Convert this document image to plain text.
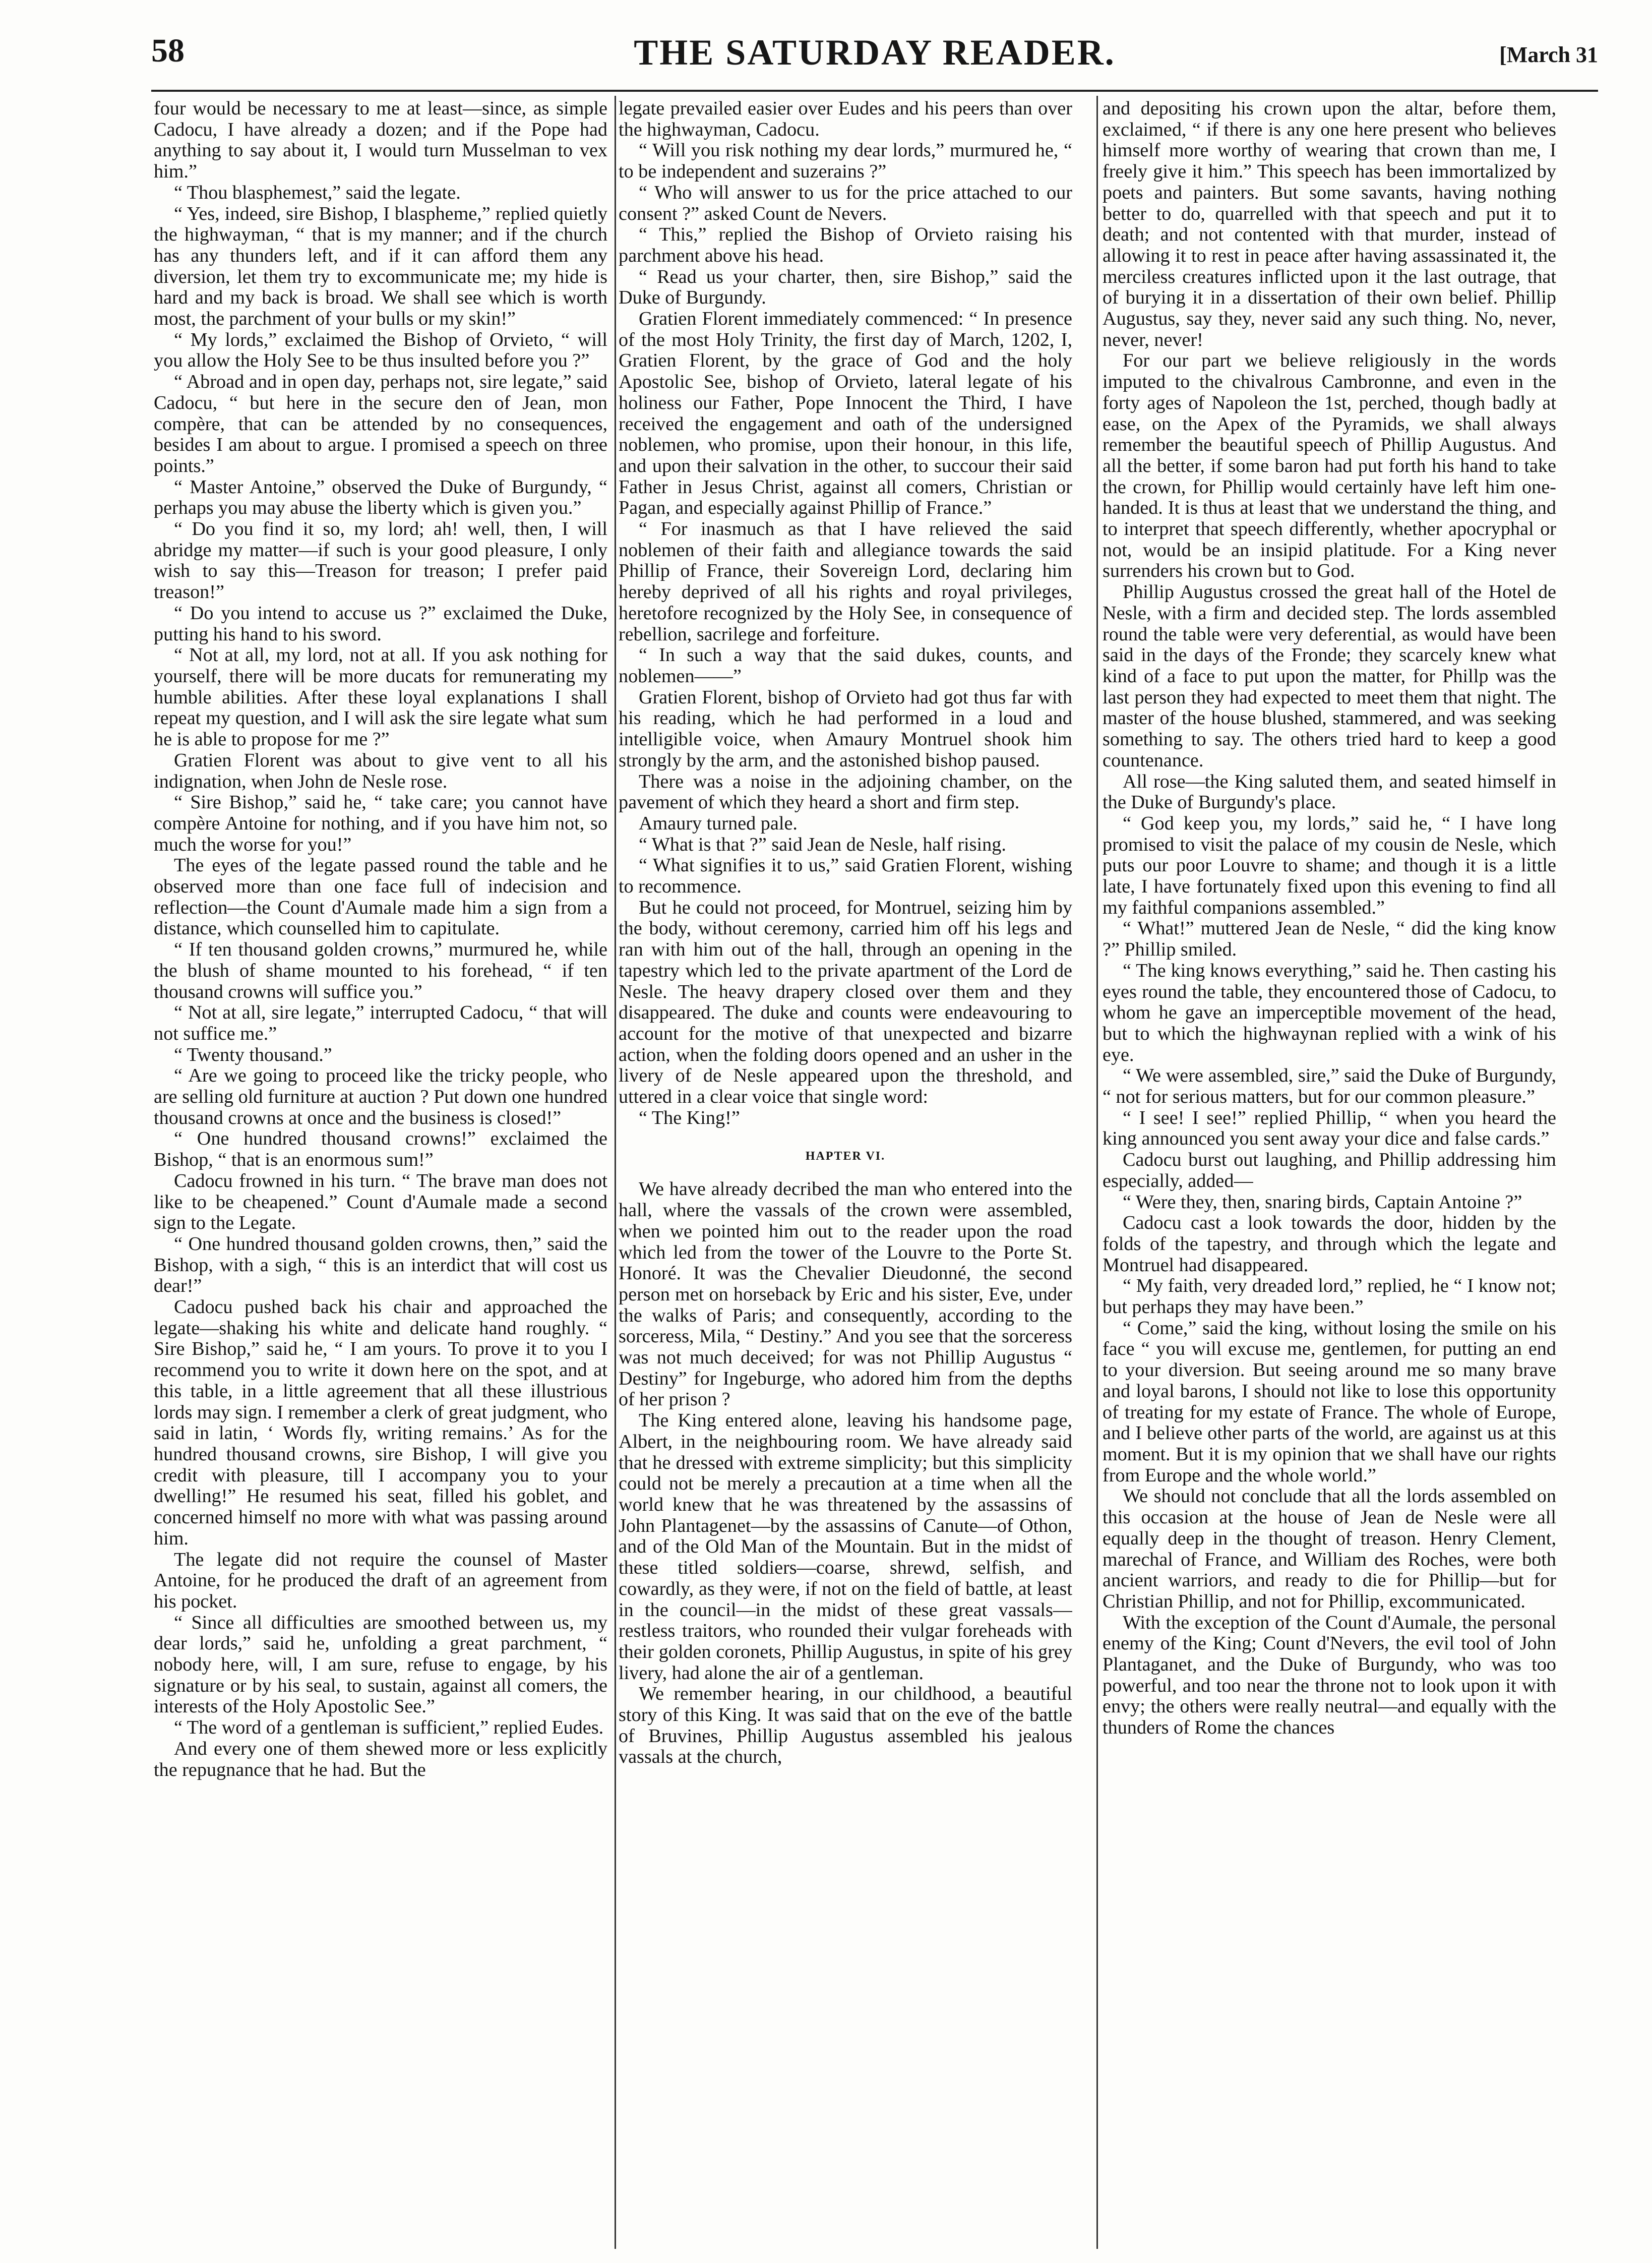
58	THE SATURDAY READER.	[March 31

four would be necessary to me at least—since, as simple Cadocu, I have already a dozen; and if the Pope had anything to say about it, I would turn Musselman to vex him.”

“ Thou blasphemest,” said the legate.

“ Yes, indeed, sire Bishop, I blaspheme,” replied quietly the highwayman, “ that is my manner; and if the church has any thunders left, and if it can afford them any diversion, let them try to excommunicate me; my hide is hard and my back is broad. We shall see which is worth most, the parchment of your bulls or my skin!”

“ My lords,” exclaimed the Bishop of Orvieto, “ will you allow the Holy See to be thus insulted before you ?”

“ Abroad and in open day, perhaps not, sire legate,” said Cadocu, “ but here in the secure den of Jean, mon compère, that can be attended by no consequences, besides I am about to argue. I promised a speech on three points.”

“ Master Antoine,” observed the Duke of Burgundy, “ perhaps you may abuse the liberty which is given you.”

“ Do you find it so, my lord; ah! well, then, I will abridge my matter—if such is your good pleasure, I only wish to say this—Treason for treason; I prefer paid treason!”

“ Do you intend to accuse us ?” exclaimed the Duke, putting his hand to his sword.

“ Not at all, my lord, not at all. If you ask nothing for yourself, there will be more ducats for remunerating my humble abilities. After these loyal explanations I shall repeat my question, and I will ask the sire legate what sum he is able to propose for me ?”

Gratien Florent was about to give vent to all his indignation, when John de Nesle rose.

“ Sire Bishop,” said he, “ take care; you cannot have compère Antoine for nothing, and if you have him not, so much the worse for you!”

The eyes of the legate passed round the table and he observed more than one face full of indecision and reflection—the Count d'Aumale made him a sign from a distance, which counselled him to capitulate.

“ If ten thousand golden crowns,” murmured he, while the blush of shame mounted to his forehead, “ if ten thousand crowns will suffice you.”

“ Not at all, sire legate,” interrupted Cadocu, “ that will not suffice me.”

“ Twenty thousand.”

“ Are we going to proceed like the tricky people, who are selling old furniture at auction ? Put down one hundred thousand crowns at once and the business is closed!”

“ One hundred thousand crowns!” exclaimed the Bishop, “ that is an enormous sum!”

Cadocu frowned in his turn. “ The brave man does not like to be cheapened.” Count d'Aumale made a second sign to the Legate.

“ One hundred thousand golden crowns, then,” said the Bishop, with a sigh, “ this is an interdict that will cost us dear!”

Cadocu pushed back his chair and approached the legate—shaking his white and delicate hand roughly. “ Sire Bishop,” said he, “ I am yours. To prove it to you I recommend you to write it down here on the spot, and at this table, in a little agreement that all these illustrious lords may sign. I remember a clerk of great judgment, who said in latin, ‘ Words fly, writing remains.’ As for the hundred thousand crowns, sire Bishop, I will give you credit with pleasure, till I accompany you to your dwelling!” He resumed his seat, filled his goblet, and concerned himself no more with what was passing around him.

The legate did not require the counsel of Master Antoine, for he produced the draft of an agreement from his pocket.

“ Since all difficulties are smoothed between us, my dear lords,” said he, unfolding a great parchment, “ nobody here, will, I am sure, refuse to engage, by his signature or by his seal, to sustain, against all comers, the interests of the Holy Apostolic See.”

“ The word of a gentleman is sufficient,” replied Eudes.

And every one of them shewed more or less explicitly the repugnance that he had. But the

legate prevailed easier over Eudes and his peers than over the highwayman, Cadocu.

“ Will you risk nothing my dear lords,” murmured he, “ to be independent and suzerains ?”

“ Who will answer to us for the price attached to our consent ?” asked Count de Nevers.

“ This,” replied the Bishop of Orvieto raising his parchment above his head.

“ Read us your charter, then, sire Bishop,” said the Duke of Burgundy.

Gratien Florent immediately commenced: “ In presence of the most Holy Trinity, the first day of March, 1202, I, Gratien Florent, by the grace of God and the holy Apostolic See, bishop of Orvieto, lateral legate of his holiness our Father, Pope Innocent the Third, I have received the engagement and oath of the undersigned noblemen, who promise, upon their honour, in this life, and upon their salvation in the other, to succour their said Father in Jesus Christ, against all comers, Christian or Pagan, and especially against Phillip of France.”

“ For inasmuch as that I have relieved the said noblemen of their faith and allegiance towards the said Phillip of France, their Sovereign Lord, declaring him hereby deprived of all his rights and royal privileges, heretofore recognized by the Holy See, in consequence of rebellion, sacrilege and forfeiture.

“ In such a way that the said dukes, counts, and noblemen——”

Gratien Florent, bishop of Orvieto had got thus far with his reading, which he had performed in a loud and intelligible voice, when Amaury Montruel shook him strongly by the arm, and the astonished bishop paused.

There was a noise in the adjoining chamber, on the pavement of which they heard a short and firm step.

Amaury turned pale.

“ What is that ?” said Jean de Nesle, half rising.

“ What signifies it to us,” said Gratien Florent, wishing to recommence.

But he could not proceed, for Montruel, seizing him by the body, without ceremony, carried him off his legs and ran with him out of the hall, through an opening in the tapestry which led to the private apartment of the Lord de Nesle. The heavy drapery closed over them and they disappeared. The duke and counts were endeavouring to account for the motive of that unexpected and bizarre action, when the folding doors opened and an usher in the livery of de Nesle appeared upon the threshold, and uttered in a clear voice that single word:

“ The King!”

HAPTER VI.

We have already decribed the man who entered into the hall, where the vassals of the crown were assembled, when we pointed him out to the reader upon the road which led from the tower of the Louvre to the Porte St. Honoré. It was the Chevalier Dieudonné, the second person met on horseback by Eric and his sister, Eve, under the walks of Paris; and consequently, according to the sorceress, Mila, “ Destiny.” And you see that the sorceress was not much deceived; for was not Phillip Augustus “ Destiny” for Ingeburge, who adored him from the depths of her prison ?

The King entered alone, leaving his handsome page, Albert, in the neighbouring room. We have already said that he dressed with extreme simplicity; but this simplicity could not be merely a precaution at a time when all the world knew that he was threatened by the assassins of John Plantagenet—by the assassins of Canute—of Othon, and of the Old Man of the Mountain. But in the midst of these titled soldiers—coarse, shrewd, selfish, and cowardly, as they were, if not on the field of battle, at least in the council—in the midst of these great vassals—restless traitors, who rounded their vulgar foreheads with their golden coronets, Phillip Augustus, in spite of his grey livery, had alone the air of a gentleman.

We remember hearing, in our childhood, a beautiful story of this King. It was said that on the eve of the battle of Bruvines, Phillip Augustus assembled his jealous vassals at the church,

and depositing his crown upon the altar, before them, exclaimed, “ if there is any one here present who believes himself more worthy of wearing that crown than me, I freely give it him.” This speech has been immortalized by poets and painters. But some savants, having nothing better to do, quarrelled with that speech and put it to death; and not contented with that murder, instead of allowing it to rest in peace after having assassinated it, the merciless creatures inflicted upon it the last outrage, that of burying it in a dissertation of their own belief. Phillip Augustus, say they, never said any such thing. No, never, never, never!

For our part we believe religiously in the words imputed to the chivalrous Cambronne, and even in the forty ages of Napoleon the 1st, perched, though badly at ease, on the Apex of the Pyramids, we shall always remember the beautiful speech of Phillip Augustus. And all the better, if some baron had put forth his hand to take the crown, for Phillip would certainly have left him one-handed. It is thus at least that we understand the thing, and to interpret that speech differently, whether apocryphal or not, would be an insipid platitude. For a King never surrenders his crown but to God.

Phillip Augustus crossed the great hall of the Hotel de Nesle, with a firm and decided step. The lords assembled round the table were very deferential, as would have been said in the days of the Fronde; they scarcely knew what kind of a face to put upon the matter, for Phillp was the last person they had expected to meet them that night. The master of the house blushed, stammered, and was seeking something to say. The others tried hard to keep a good countenance.

All rose—the King saluted them, and seated himself in the Duke of Burgundy's place.

“ God keep you, my lords,” said he, “ I have long promised to visit the palace of my cousin de Nesle, which puts our poor Louvre to shame; and though it is a little late, I have fortunately fixed upon this evening to find all my faithful companions assembled.”

“ What!” muttered Jean de Nesle, “ did the king know ?” Phillip smiled.

“ The king knows everything,” said he. Then casting his eyes round the table, they encountered those of Cadocu, to whom he gave an imperceptible movement of the head, but to which the highwaynan replied with a wink of his eye.

“ We were assembled, sire,” said the Duke of Burgundy, “ not for serious matters, but for our common pleasure.”

“ I see! I see!” replied Phillip, “ when you heard the king announced you sent away your dice and false cards.”

Cadocu burst out laughing, and Phillip addressing him especially, added—

“ Were they, then, snaring birds, Captain Antoine ?”

Cadocu cast a look towards the door, hidden by the folds of the tapestry, and through which the legate and Montruel had disappeared.

“ My faith, very dreaded lord,” replied, he “ I know not; but perhaps they may have been.”

“ Come,” said the king, without losing the smile on his face “ you will excuse me, gentlemen, for putting an end to your diversion. But seeing around me so many brave and loyal barons, I should not like to lose this opportunity of treating for my estate of France. The whole of Europe, and I believe other parts of the world, are against us at this moment. But it is my opinion that we shall have our rights from Europe and the whole world.”

We should not conclude that all the lords assembled on this occasion at the house of Jean de Nesle were all equally deep in the thought of treason. Henry Clement, marechal of France, and William des Roches, were both ancient warriors, and ready to die for Phillip—but for Christian Phillip, and not for Phillip, excommunicated.

With the exception of the Count d'Aumale, the personal enemy of the King; Count d'Nevers, the evil tool of John Plantaganet, and the Duke of Burgundy, who was too powerful, and too near the throne not to look upon it with envy; the others were really neutral—and equally with the thunders of Rome the chances
